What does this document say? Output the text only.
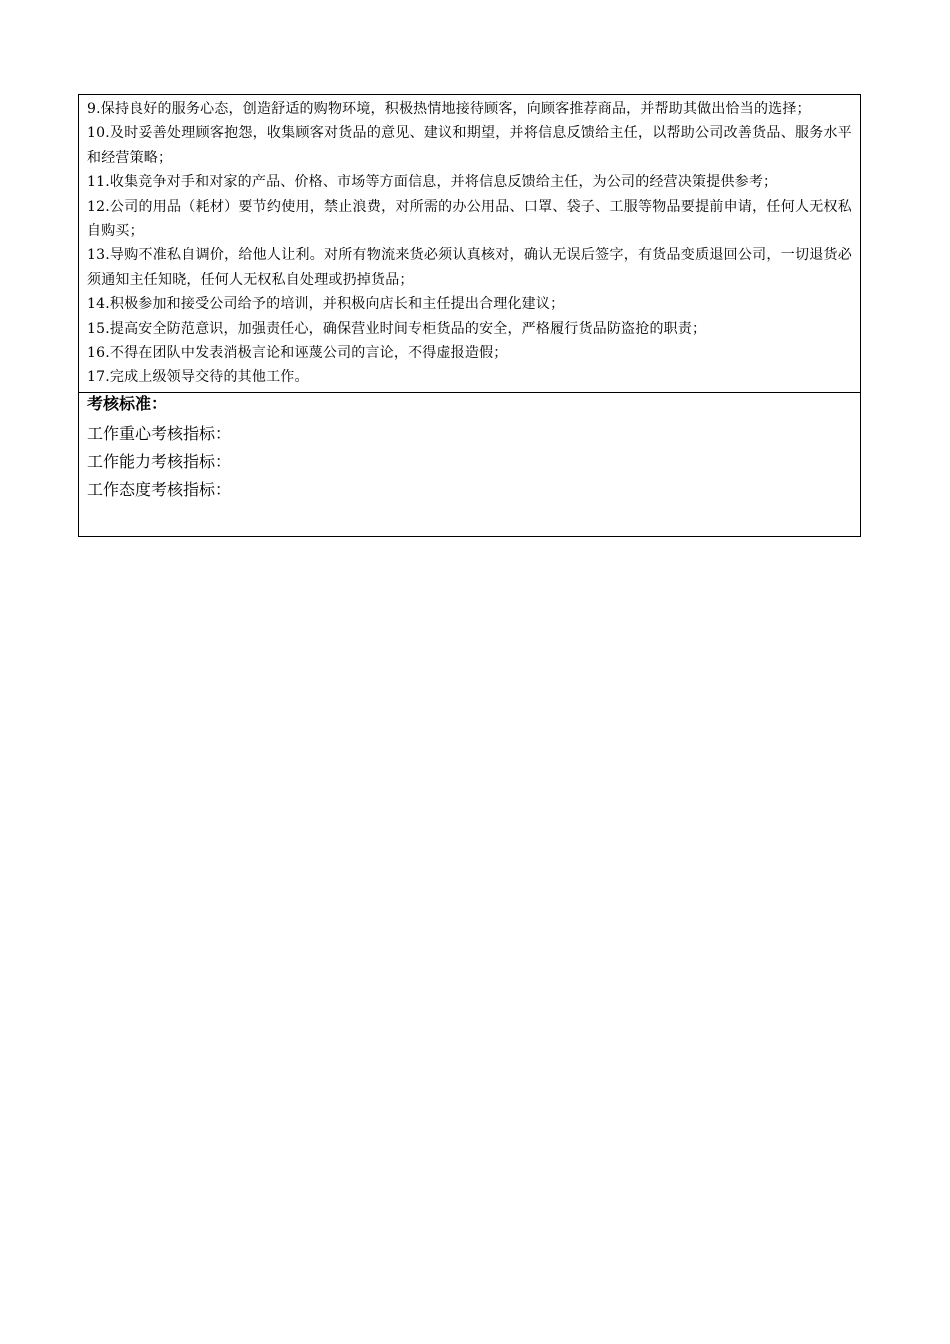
9.保持良好的服务心态，创造舒适的购物环境，积极热情地接待顾客，向顾客推荐商品，并帮助其做出恰当的选择；

10.及时妥善处理顾客抱怨，收集顾客对货品的意见、建议和期望，并将信息反馈给主任，以帮助公司改善货品、服务水平和经营策略；

11.收集竞争对手和对家的产品、价格、市场等方面信息，并将信息反馈给主任，为公司的经营决策提供参考；

12.公司的用品（耗材）要节约使用，禁止浪费，对所需的办公用品、口罩、袋子、工服等物品要提前申请，任何人无权私自购买；

13.导购不准私自调价，给他人让利。对所有物流来货必须认真核对，确认无误后签字，有货品变质退回公司，一切退货必须通知主任知晓，任何人无权私自处理或扔掉货品；

14.积极参加和接受公司给予的培训，并积极向店长和主任提出合理化建议；

15.提高安全防范意识，加强责任心，确保营业时间专柜货品的安全，严格履行货品防盗抢的职责；

16.不得在团队中发表消极言论和诬蔑公司的言论，不得虚报造假；

17.完成上级领导交待的其他工作。

考核标准：

工作重心考核指标：

工作能力考核指标：

工作态度考核指标：
